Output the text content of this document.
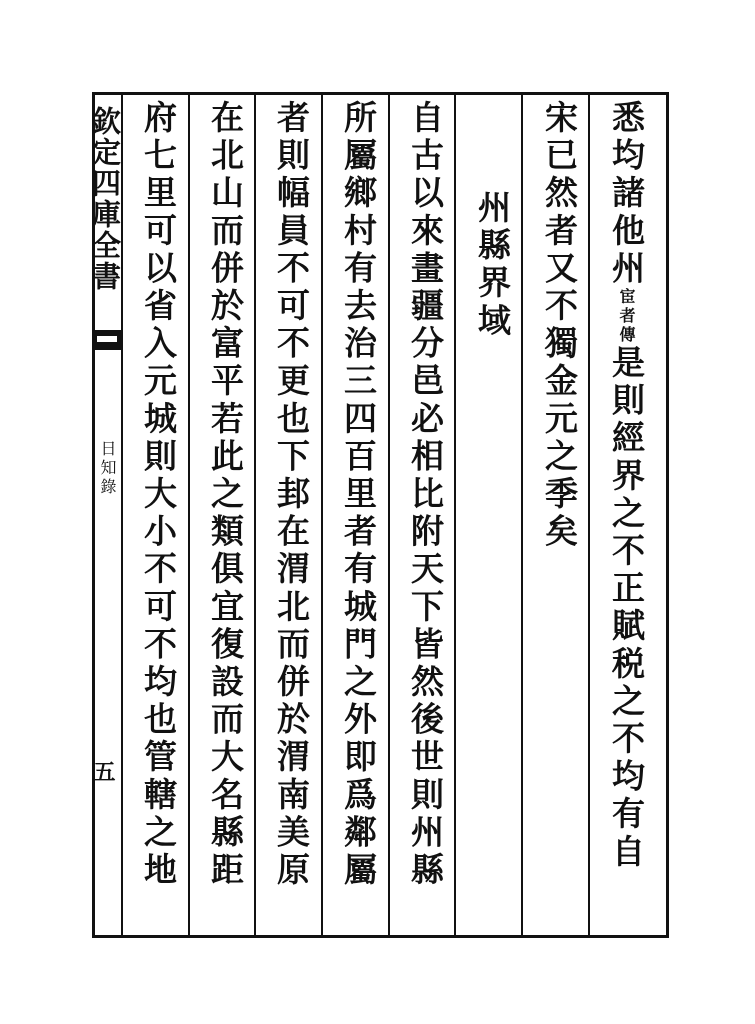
欽定四庫全書
日知錄
五
悉均諸他州宦者傳是則經界之不正賦税之不均有自
宋已然者又不獨金元之季矣
州縣界域
自古以來畫疆分邑必相比附天下皆然後世則州縣
所屬鄉村有去治三四百里者有城門之外即爲鄰屬
者則幅員不可不更也下邽在渭北而併於渭南美原
在北山而併於富平若此之類俱宜復設而大名縣距
府七里可以省入元城則大小不可不均也管轄之地
